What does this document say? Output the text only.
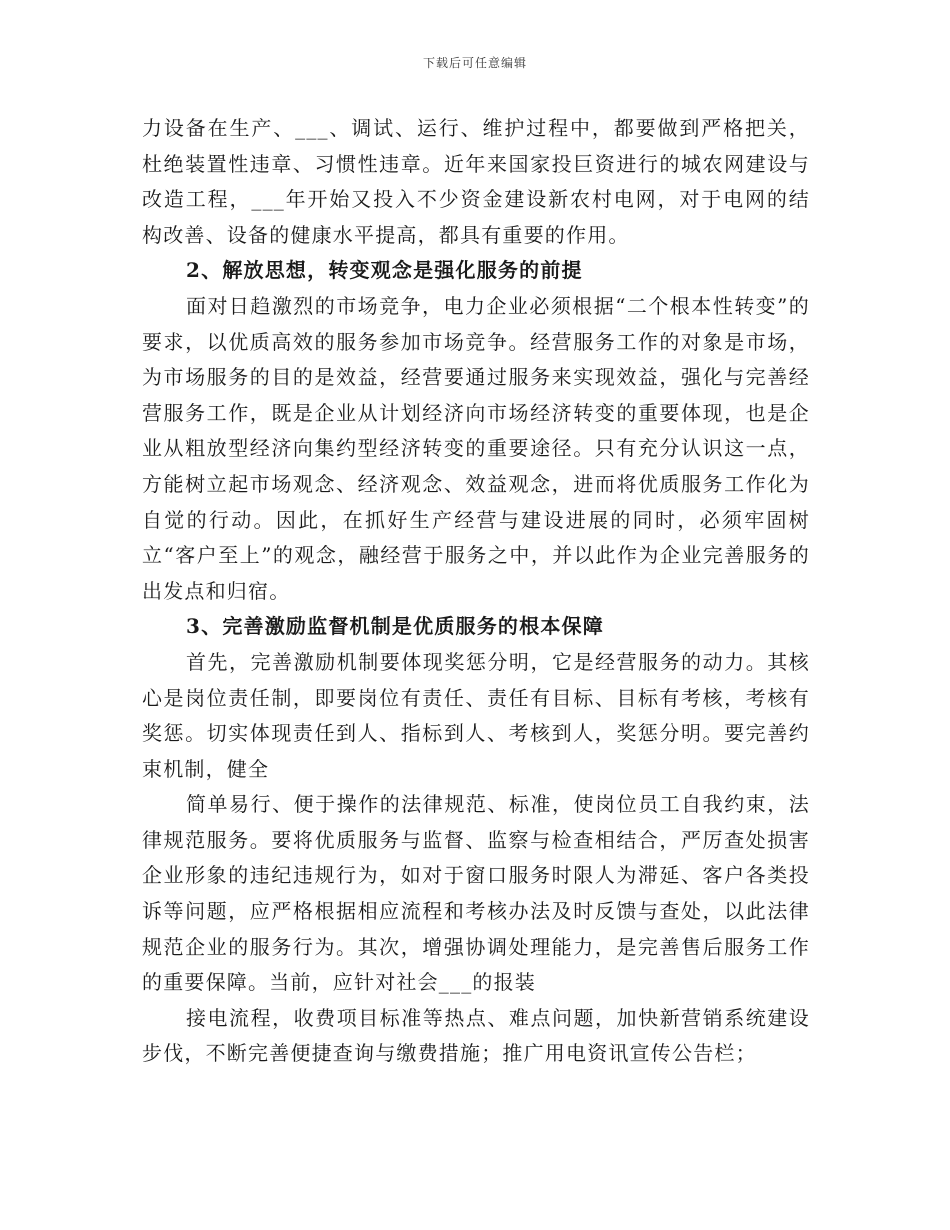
下载后可任意编辑

力设备在生产、___、调试、运行、维护过程中，都要做到严格把关，杜绝装置性违章、习惯性违章。近年来国家投巨资进行的城农网建设与改造工程，___年开始又投入不少资金建设新农村电网，对于电网的结构改善、设备的健康水平提高，都具有重要的作用。

2、解放思想，转变观念是强化服务的前提

面对日趋激烈的市场竞争，电力企业必须根据“二个根本性转变”的要求，以优质高效的服务参加市场竞争。经营服务工作的对象是市场，为市场服务的目的是效益，经营要通过服务来实现效益，强化与完善经营服务工作，既是企业从计划经济向市场经济转变的重要体现，也是企业从粗放型经济向集约型经济转变的重要途径。只有充分认识这一点，方能树立起市场观念、经济观念、效益观念，进而将优质服务工作化为自觉的行动。因此，在抓好生产经营与建设进展的同时，必须牢固树立“客户至上”的观念，融经营于服务之中，并以此作为企业完善服务的出发点和归宿。

3、完善激励监督机制是优质服务的根本保障

首先，完善激励机制要体现奖惩分明，它是经营服务的动力。其核心是岗位责任制，即要岗位有责任、责任有目标、目标有考核，考核有奖惩。切实体现责任到人、指标到人、考核到人，奖惩分明。要完善约束机制，健全

简单易行、便于操作的法律规范、标准，使岗位员工自我约束，法律规范服务。要将优质服务与监督、监察与检查相结合，严厉查处损害企业形象的违纪违规行为，如对于窗口服务时限人为滞延、客户各类投诉等问题，应严格根据相应流程和考核办法及时反馈与查处，以此法律规范企业的服务行为。其次，增强协调处理能力，是完善售后服务工作的重要保障。当前，应针对社会___的报装

接电流程，收费项目标准等热点、难点问题，加快新营销系统建设步伐，不断完善便捷查询与缴费措施；推广用电资讯宣传公告栏；
